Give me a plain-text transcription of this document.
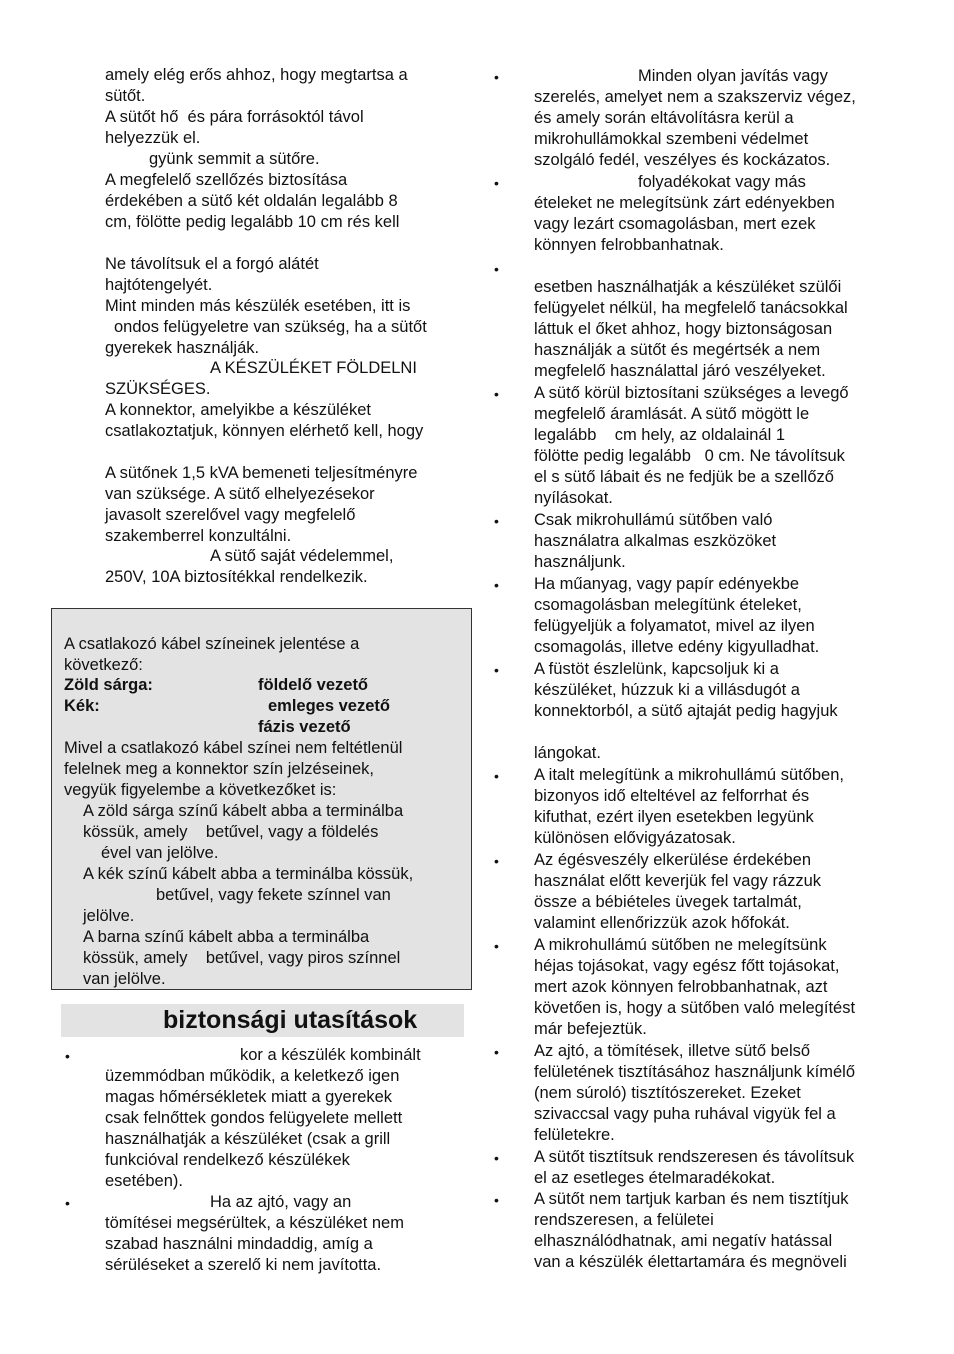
amely elég erős ahhoz, hogy megtartsa a
sütőt.
A sütőt hő  és pára forrásoktól távol
helyezzük el.
gyünk semmit a sütőre.
A megfelelő szellőzés biztosítása
érdekében a sütő két oldalán legalább 8
cm, fölötte pedig legalább 10 cm rés kell
Ne távolítsuk el a forgó alátét
hajtótengelyét.
Mint minden más készülék esetében, itt is
ondos felügyeletre van szükség, ha a sütőt
gyerekek használják.
A KÉSZÜLÉKET FÖLDELNI
SZÜKSÉGES.
A konnektor, amelyikbe a készüléket
csatlakoztatjuk, könnyen elérhető kell, hogy
A sütőnek 1,5 kVA bemeneti teljesítményre
van szüksége. A sütő elhelyezésekor
javasolt szerelővel vagy megfelelő
szakemberrel konzultálni.
A sütő saját védelemmel,
250V, 10A biztosítékkal rendelkezik.
A csatlakozó kábel színeinek jelentése a
következő:
Zöld sárga:	földelő vezető
Kék:	emleges vezető
fázis vezető
Mivel a csatlakozó kábel színei nem feltétlenül
felelnek meg a konnektor szín jelzéseinek,
vegyük figyelembe a következőket is:
A zöld sárga színű kábelt abba a terminálba
kössük, amely    betűvel, vagy a földelés
ével van jelölve.
A kék színű kábelt abba a terminálba kössük,
betűvel, vagy fekete színnel van
jelölve.
A barna színű kábelt abba a terminálba
kössük, amely    betűvel, vagy piros színnel
van jelölve.
biztonsági utasítások
•	kor a készülék kombinált
üzemmódban működik, a keletkező igen
magas hőmérsékletek miatt a gyerekek
csak felnőttek gondos felügyelete mellett
használhatják a készüléket (csak a grill
funkcióval rendelkező készülékek
esetében).
•	Ha az ajtó, vagy an
tömítései megsérültek, a készüléket nem
szabad használni mindaddig, amíg a
sérüléseket a szerelő ki nem javította.
•	Minden olyan javítás vagy
szerelés, amelyet nem a szakszerviz végez,
és amely során eltávolításra kerül a
mikrohullámokkal szembeni védelmet
szolgáló fedél, veszélyes és kockázatos.
•	folyadékokat vagy más
ételeket ne melegítsünk zárt edényekben
vagy lezárt csomagolásban, mert ezek
könnyen felrobbanhatnak.
•
esetben használhatják a készüléket szülői
felügyelet nélkül, ha megfelelő tanácsokkal
láttuk el őket ahhoz, hogy biztonságosan
használják a sütőt és megértsék a nem
megfelelő használattal járó veszélyeket.
• A sütő körül biztosítani szükséges a levegő
megfelelő áramlását. A sütő mögött le
legalább    cm hely, az oldalainál 1
fölötte pedig legalább   0 cm. Ne távolítsuk
el s sütő lábait és ne fedjük be a szellőző
nyílásokat.
• Csak mikrohullámú sütőben való
használatra alkalmas eszközöket
használjunk.
• Ha műanyag, vagy papír edényekbe
csomagolásban melegítünk ételeket,
felügyeljük a folyamatot, mivel az ilyen
csomagolás, illetve edény kigyulladhat.
• A füstöt észlelünk, kapcsoljuk ki a
készüléket, húzzuk ki a villásdugót a
konnektorból, a sütő ajtaját pedig hagyjuk
lángokat.
• A italt melegítünk a mikrohullámú sütőben,
bizonyos idő elteltével az felforrhat és
kifuthat, ezért ilyen esetekben legyünk
különösen elővigyázatosak.
• Az égésveszély elkerülése érdekében
használat előtt keverjük fel vagy rázzuk
össze a bébiételes üvegek tartalmát,
valamint ellenőrizzük azok hőfokát.
• A mikrohullámú sütőben ne melegítsünk
héjas tojásokat, vagy egész főtt tojásokat,
mert azok könnyen felrobbanhatnak, azt
követően is, hogy a sütőben való melegítést
már befejeztük.
• Az ajtó, a tömítések, illetve sütő belső
felületének tisztításához használjunk kímélő
(nem súroló) tisztítószereket. Ezeket
szivaccsal vagy puha ruhával vigyük fel a
felületekre.
• A sütőt tisztítsuk rendszeresen és távolítsuk
el az esetleges ételmaradékokat.
• A sütőt nem tartjuk karban és nem tisztítjuk
rendszeresen, a felületei
elhasználódhatnak, ami negatív hatással
van a készülék élettartamára és megnöveli
